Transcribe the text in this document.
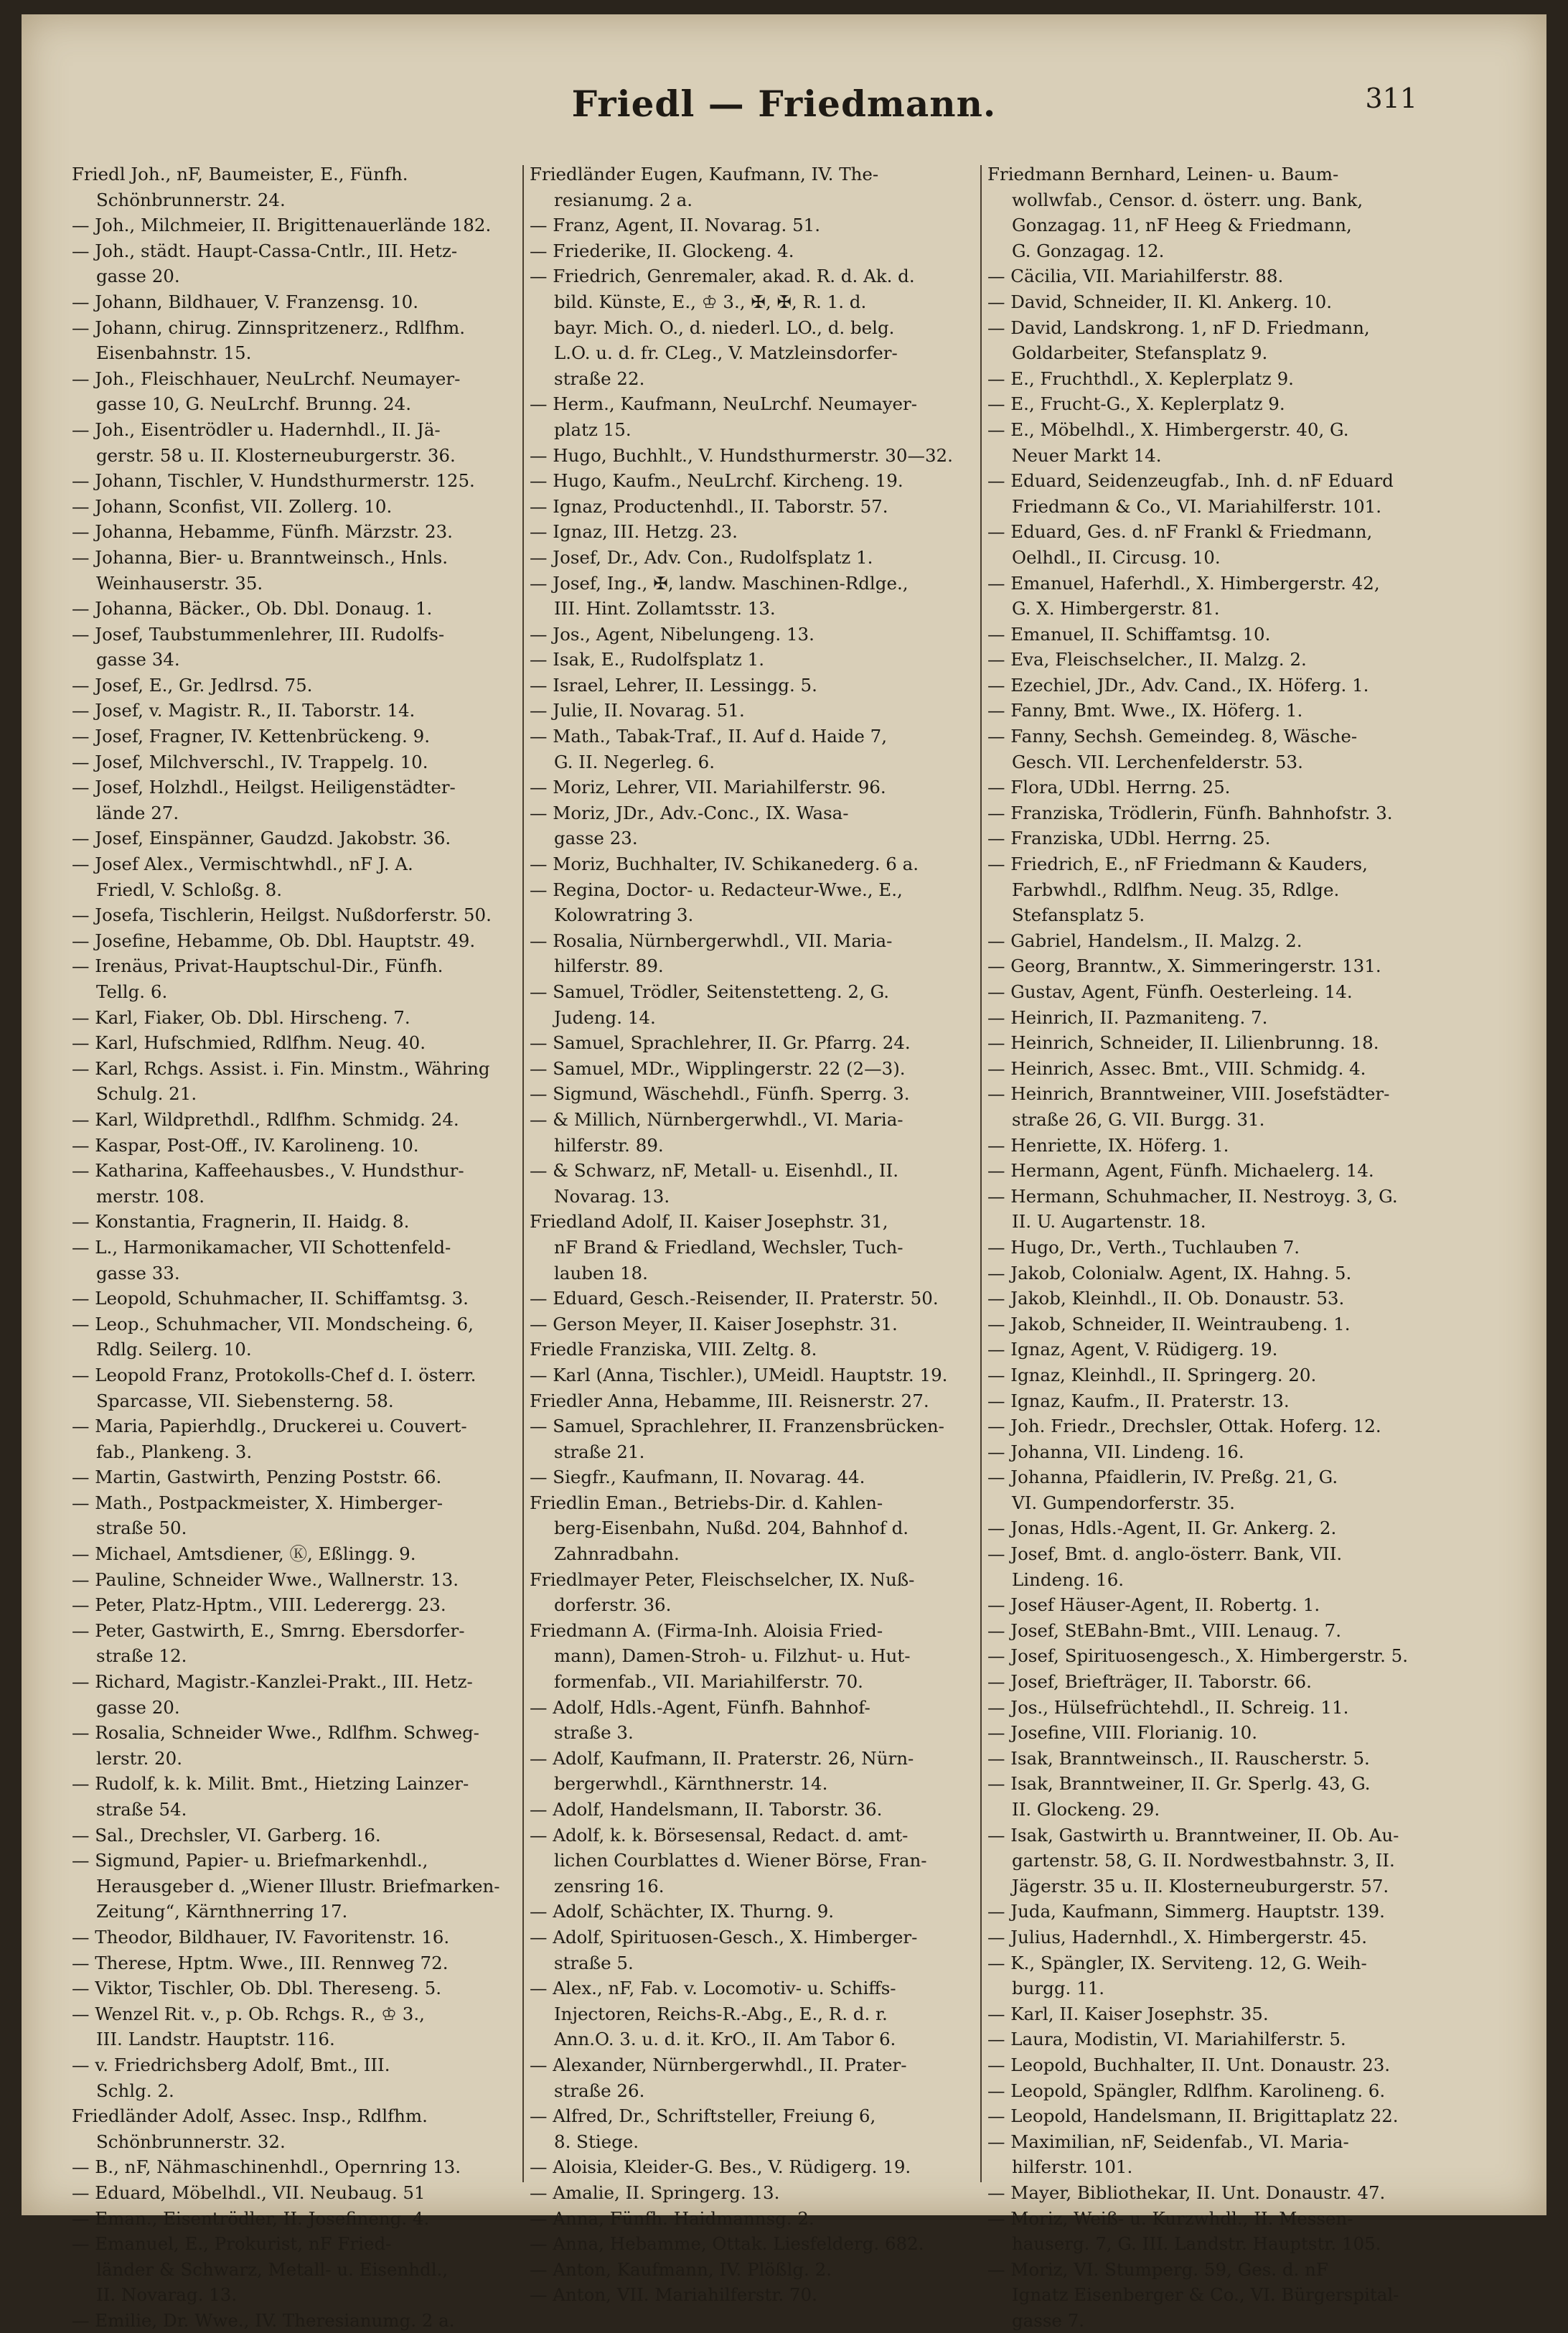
Friedl — Friedmann.	311
Friedl Joh., nF, Baumeister, E., Fünfh.
Schönbrunnerstr. 24.
— Joh., Milchmeier, II. Brigittenauerlände 182.
— Joh., städt. Haupt-Cassa-Cntlr., III. Hetz-
gasse 20.
— Johann, Bildhauer, V. Franzensg. 10.
— Johann, chirug. Zinnspritzenerz., Rdlfhm.
Eisenbahnstr. 15.
— Joh., Fleischhauer, NeuLrchf. Neumayer-
gasse 10, G. NeuLrchf. Brunng. 24.
— Joh., Eisentrödler u. Hadernhdl., II. Jä-
gerstr. 58 u. II. Klosterneuburgerstr. 36.
— Johann, Tischler, V. Hundsthurmerstr. 125.
— Johann, Sconfist, VII. Zollerg. 10.
— Johanna, Hebamme, Fünfh. Märzstr. 23.
— Johanna, Bier- u. Branntweinsch., Hnls.
Weinhauserstr. 35.
— Johanna, Bäcker., Ob. Dbl. Donaug. 1.
— Josef, Taubstummenlehrer, III. Rudolfs-
gasse 34.
— Josef, E., Gr. Jedlrsd. 75.
— Josef, v. Magistr. R., II. Taborstr. 14.
— Josef, Fragner, IV. Kettenbrückeng. 9.
— Josef, Milchverschl., IV. Trappelg. 10.
— Josef, Holzhdl., Heilgst. Heiligenstädter-
lände 27.
— Josef, Einspänner, Gaudzd. Jakobstr. 36.
— Josef Alex., Vermischtwhdl., nF J. A.
Friedl, V. Schloßg. 8.
— Josefa, Tischlerin, Heilgst. Nußdorferstr. 50.
— Josefine, Hebamme, Ob. Dbl. Hauptstr. 49.
— Irenäus, Privat-Hauptschul-Dir., Fünfh.
Tellg. 6.
— Karl, Fiaker, Ob. Dbl. Hirscheng. 7.
— Karl, Hufschmied, Rdlfhm. Neug. 40.
— Karl, Rchgs. Assist. i. Fin. Minstm., Währing
Schulg. 21.
— Karl, Wildprethdl., Rdlfhm. Schmidg. 24.
— Kaspar, Post-Off., IV. Karolineng. 10.
— Katharina, Kaffeehausbes., V. Hundsthur-
merstr. 108.
— Konstantia, Fragnerin, II. Haidg. 8.
— L., Harmonikamacher, VII Schottenfeld-
gasse 33.
— Leopold, Schuhmacher, II. Schiffamtsg. 3.
— Leop., Schuhmacher, VII. Mondscheing. 6,
Rdlg. Seilerg. 10.
— Leopold Franz, Protokolls-Chef d. I. österr.
Sparcasse, VII. Siebensterng. 58.
— Maria, Papierhdlg., Druckerei u. Couvert-
fab., Plankeng. 3.
— Martin, Gastwirth, Penzing Poststr. 66.
— Math., Postpackmeister, X. Himberger-
straße 50.
— Michael, Amtsdiener, Ⓚ, Eßlingg. 9.
— Pauline, Schneider Wwe., Wallnerstr. 13.
— Peter, Platz-Hptm., VIII. Lederergg. 23.
— Peter, Gastwirth, E., Smrng. Ebersdorfer-
straße 12.
— Richard, Magistr.-Kanzlei-Prakt., III. Hetz-
gasse 20.
— Rosalia, Schneider Wwe., Rdlfhm. Schweg-
lerstr. 20.
— Rudolf, k. k. Milit. Bmt., Hietzing Lainzer-
straße 54.
— Sal., Drechsler, VI. Garberg. 16.
— Sigmund, Papier- u. Briefmarkenhdl.,
Herausgeber d. „Wiener Illustr. Briefmarken-
Zeitung“, Kärnthnerring 17.
— Theodor, Bildhauer, IV. Favoritenstr. 16.
— Therese, Hptm. Wwe., III. Rennweg 72.
— Viktor, Tischler, Ob. Dbl. Thereseng. 5.
— Wenzel Rit. v., p. Ob. Rchgs. R., ♔ 3.,
III. Landstr. Hauptstr. 116.
— v. Friedrichsberg Adolf, Bmt., III.
Schlg. 2.
Friedländer Adolf, Assec. Insp., Rdlfhm.
Schönbrunnerstr. 32.
— B., nF, Nähmaschinenhdl., Opernring 13.
— Eduard, Möbelhdl., VII. Neubaug. 51
— Eman., Eisentrödler, II. Josefineng. 4.
— Emanuel, E., Prokurist, nF Fried-
länder & Schwarz, Metall- u. Eisenhdl.,
II. Novarag. 13.
— Emilie, Dr. Wwe., IV. Theresianumg. 2 a.
Friedländer Eugen, Kaufmann, IV. The-
resianumg. 2 a.
— Franz, Agent, II. Novarag. 51.
— Friederike, II. Glockeng. 4.
— Friedrich, Genremaler, akad. R. d. Ak. d.
bild. Künste, E., ♔ 3., ✠, ✠, R. 1. d.
bayr. Mich. O., d. niederl. LO., d. belg.
L.O. u. d. fr. CLeg., V. Matzleinsdorfer-
straße 22.
— Herm., Kaufmann, NeuLrchf. Neumayer-
platz 15.
— Hugo, Buchhlt., V. Hundsthurmerstr. 30—32.
— Hugo, Kaufm., NeuLrchf. Kircheng. 19.
— Ignaz, Productenhdl., II. Taborstr. 57.
— Ignaz, III. Hetzg. 23.
— Josef, Dr., Adv. Con., Rudolfsplatz 1.
— Josef, Ing., ✠, landw. Maschinen-Rdlge.,
III. Hint. Zollamtsstr. 13.
— Jos., Agent, Nibelungeng. 13.
— Isak, E., Rudolfsplatz 1.
— Israel, Lehrer, II. Lessingg. 5.
— Julie, II. Novarag. 51.
— Math., Tabak-Traf., II. Auf d. Haide 7,
G. II. Negerleg. 6.
— Moriz, Lehrer, VII. Mariahilferstr. 96.
— Moriz, JDr., Adv.-Conc., IX. Wasa-
gasse 23.
— Moriz, Buchhalter, IV. Schikanederg. 6 a.
— Regina, Doctor- u. Redacteur-Wwe., E.,
Kolowratring 3.
— Rosalia, Nürnbergerwhdl., VII. Maria-
hilferstr. 89.
— Samuel, Trödler, Seitenstetteng. 2, G.
Judeng. 14.
— Samuel, Sprachlehrer, II. Gr. Pfarrg. 24.
— Samuel, MDr., Wipplingerstr. 22 (2—3).
— Sigmund, Wäschehdl., Fünfh. Sperrg. 3.
— & Millich, Nürnbergerwhdl., VI. Maria-
hilferstr. 89.
— & Schwarz, nF, Metall- u. Eisenhdl., II.
Novarag. 13.
Friedland Adolf, II. Kaiser Josephstr. 31,
nF Brand & Friedland, Wechsler, Tuch-
lauben 18.
— Eduard, Gesch.-Reisender, II. Praterstr. 50.
— Gerson Meyer, II. Kaiser Josephstr. 31.
Friedle Franziska, VIII. Zeltg. 8.
— Karl (Anna, Tischler.), UMeidl. Hauptstr. 19.
Friedler Anna, Hebamme, III. Reisnerstr. 27.
— Samuel, Sprachlehrer, II. Franzensbrücken-
straße 21.
— Siegfr., Kaufmann, II. Novarag. 44.
Friedlin Eman., Betriebs-Dir. d. Kahlen-
berg-Eisenbahn, Nußd. 204, Bahnhof d.
Zahnradbahn.
Friedlmayer Peter, Fleischselcher, IX. Nuß-
dorferstr. 36.
Friedmann A. (Firma-Inh. Aloisia Fried-
mann), Damen-Stroh- u. Filzhut- u. Hut-
formenfab., VII. Mariahilferstr. 70.
— Adolf, Hdls.-Agent, Fünfh. Bahnhof-
straße 3.
— Adolf, Kaufmann, II. Praterstr. 26, Nürn-
bergerwhdl., Kärnthnerstr. 14.
— Adolf, Handelsmann, II. Taborstr. 36.
— Adolf, k. k. Börsesensal, Redact. d. amt-
lichen Courblattes d. Wiener Börse, Fran-
zensring 16.
— Adolf, Schächter, IX. Thurng. 9.
— Adolf, Spirituosen-Gesch., X. Himberger-
straße 5.
— Alex., nF, Fab. v. Locomotiv- u. Schiffs-
Injectoren, Reichs-R.-Abg., E., R. d. r.
Ann.O. 3. u. d. it. KrO., II. Am Tabor 6.
— Alexander, Nürnbergerwhdl., II. Prater-
straße 26.
— Alfred, Dr., Schriftsteller, Freiung 6,
8. Stiege.
— Aloisia, Kleider-G. Bes., V. Rüdigerg. 19.
— Amalie, II. Springerg. 13.
— Anna, Fünfh. Haidmannsg. 2.
— Anna, Hebamme, Ottak. Liesfelderg. 682.
— Anton, Kaufmann, IV. Plößlg. 2.
— Anton, VII. Mariahilferstr. 70.
Friedmann Bernhard, Leinen- u. Baum-
wollwfab., Censor. d. österr. ung. Bank,
Gonzagag. 11, nF Heeg & Friedmann,
G. Gonzagag. 12.
— Cäcilia, VII. Mariahilferstr. 88.
— David, Schneider, II. Kl. Ankerg. 10.
— David, Landskrong. 1, nF D. Friedmann,
Goldarbeiter, Stefansplatz 9.
— E., Fruchthdl., X. Keplerplatz 9.
— E., Frucht-G., X. Keplerplatz 9.
— E., Möbelhdl., X. Himbergerstr. 40, G.
Neuer Markt 14.
— Eduard, Seidenzeugfab., Inh. d. nF Eduard
Friedmann & Co., VI. Mariahilferstr. 101.
— Eduard, Ges. d. nF Frankl & Friedmann,
Oelhdl., II. Circusg. 10.
— Emanuel, Haferhdl., X. Himbergerstr. 42,
G. X. Himbergerstr. 81.
— Emanuel, II. Schiffamtsg. 10.
— Eva, Fleischselcher., II. Malzg. 2.
— Ezechiel, JDr., Adv. Cand., IX. Höferg. 1.
— Fanny, Bmt. Wwe., IX. Höferg. 1.
— Fanny, Sechsh. Gemeindeg. 8, Wäsche-
Gesch. VII. Lerchenfelderstr. 53.
— Flora, UDbl. Herrng. 25.
— Franziska, Trödlerin, Fünfh. Bahnhofstr. 3.
— Franziska, UDbl. Herrng. 25.
— Friedrich, E., nF Friedmann & Kauders,
Farbwhdl., Rdlfhm. Neug. 35, Rdlge.
Stefansplatz 5.
— Gabriel, Handelsm., II. Malzg. 2.
— Georg, Branntw., X. Simmeringerstr. 131.
— Gustav, Agent, Fünfh. Oesterleing. 14.
— Heinrich, II. Pazmaniteng. 7.
— Heinrich, Schneider, II. Lilienbrunng. 18.
— Heinrich, Assec. Bmt., VIII. Schmidg. 4.
— Heinrich, Branntweiner, VIII. Josefstädter-
straße 26, G. VII. Burgg. 31.
— Henriette, IX. Höferg. 1.
— Hermann, Agent, Fünfh. Michaelerg. 14.
— Hermann, Schuhmacher, II. Nestroyg. 3, G.
II. U. Augartenstr. 18.
— Hugo, Dr., Verth., Tuchlauben 7.
— Jakob, Colonialw. Agent, IX. Hahng. 5.
— Jakob, Kleinhdl., II. Ob. Donaustr. 53.
— Jakob, Schneider, II. Weintraubeng. 1.
— Ignaz, Agent, V. Rüdigerg. 19.
— Ignaz, Kleinhdl., II. Springerg. 20.
— Ignaz, Kaufm., II. Praterstr. 13.
— Joh. Friedr., Drechsler, Ottak. Hoferg. 12.
— Johanna, VII. Lindeng. 16.
— Johanna, Pfaidlerin, IV. Preßg. 21, G.
VI. Gumpendorferstr. 35.
— Jonas, Hdls.-Agent, II. Gr. Ankerg. 2.
— Josef, Bmt. d. anglo-österr. Bank, VII.
Lindeng. 16.
— Josef Häuser-Agent, II. Robertg. 1.
— Josef, StEBahn-Bmt., VIII. Lenaug. 7.
— Josef, Spirituosengesch., X. Himbergerstr. 5.
— Josef, Briefträger, II. Taborstr. 66.
— Jos., Hülsefrüchtehdl., II. Schreig. 11.
— Josefine, VIII. Florianig. 10.
— Isak, Branntweinsch., II. Rauscherstr. 5.
— Isak, Branntweiner, II. Gr. Sperlg. 43, G.
II. Glockeng. 29.
— Isak, Gastwirth u. Branntweiner, II. Ob. Au-
gartenstr. 58, G. II. Nordwestbahnstr. 3, II.
Jägerstr. 35 u. II. Klosterneuburgerstr. 57.
— Juda, Kaufmann, Simmerg. Hauptstr. 139.
— Julius, Hadernhdl., X. Himbergerstr. 45.
— K., Spängler, IX. Serviteng. 12, G. Weih-
burgg. 11.
— Karl, II. Kaiser Josephstr. 35.
— Laura, Modistin, VI. Mariahilferstr. 5.
— Leopold, Buchhalter, II. Unt. Donaustr. 23.
— Leopold, Spängler, Rdlfhm. Karolineng. 6.
— Leopold, Handelsmann, II. Brigittaplatz 22.
— Maximilian, nF, Seidenfab., VI. Maria-
hilferstr. 101.
— Mayer, Bibliothekar, II. Unt. Donaustr. 47.
— Moriz, Weiß- u. Kurzwhdl., II. Messen-
hauserg. 7, G. III. Landstr. Hauptstr. 105.
— Moriz, VI. Stumperg. 59, Ges. d. nF
Ignatz Eisenberger & Co., VI. Bürgerspital-
gasse 7.
